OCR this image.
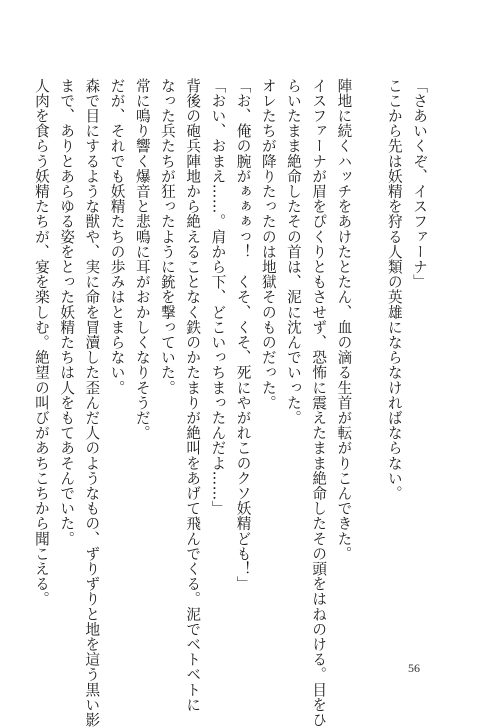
「さあいくぞ、イスファーナ」
ここから先は妖精を狩る人類の英雄にならなければならない。

陣地に続くハッチをあけたとたん、血の滴る生首が転がりこんできた。
イスファーナが眉をぴくりともさせず、恐怖に震えたまま絶命したその頭をはねのける。目をひ
らいたまま絶命したその首は、泥に沈んでいった。
オレたちが降りたったのは地獄そのものだった。
「お、俺の腕がぁぁぁっ！　くそ、くそ、死にやがれこのクソ妖精ども！」
「おい、おまえ……。肩から下、どこいっちまったんだよ……」
背後の砲兵陣地から絶えることなく鉄のかたまりが絶叫をあげて飛んでくる。泥でベトベトに
なった兵たちが狂ったように銃を撃っていた。
常に鳴り響く爆音と悲鳴に耳がおかしくなりそうだ。
だが、それでも妖精たちの歩みはとまらない。
森で目にするような獣や、実に命を冒瀆した歪んだ人のようなもの、ずりずりと地を這う黒い影
まで、ありとあらゆる姿をとった妖精たちは人をもてあそんでいた。
人肉を食らう妖精たちが、宴を楽しむ。絶望の叫びがあちこちから聞こえる。
56
